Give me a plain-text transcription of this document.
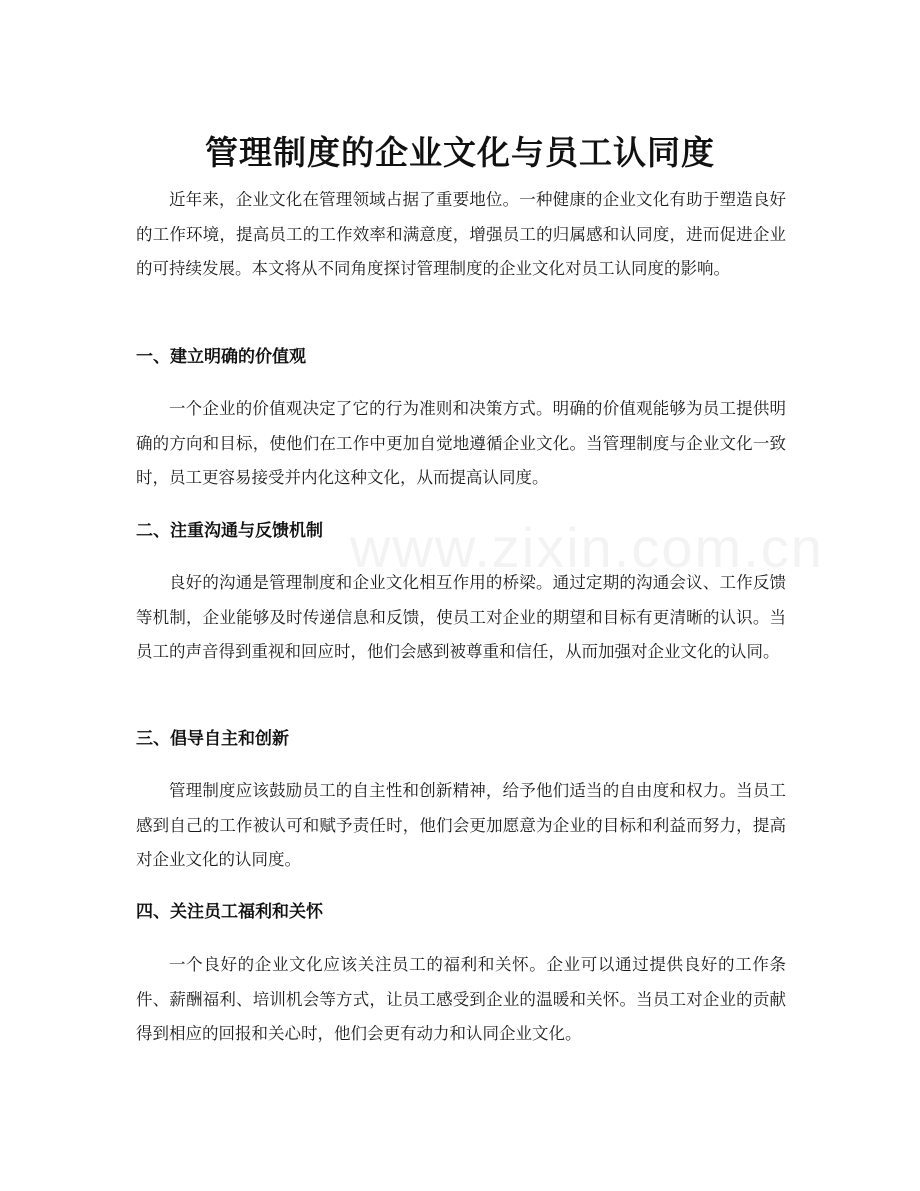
www.zixin.com.cn
管理制度的企业文化与员工认同度

近年来，企业文化在管理领域占据了重要地位。一种健康的企业文化有助于塑造良好的工作环境，提高员工的工作效率和满意度，增强员工的归属感和认同度，进而促进企业的可持续发展。本文将从不同角度探讨管理制度的企业文化对员工认同度的影响。

一、建立明确的价值观

一个企业的价值观决定了它的行为准则和决策方式。明确的价值观能够为员工提供明确的方向和目标，使他们在工作中更加自觉地遵循企业文化。当管理制度与企业文化一致时，员工更容易接受并内化这种文化，从而提高认同度。

二、注重沟通与反馈机制

良好的沟通是管理制度和企业文化相互作用的桥梁。通过定期的沟通会议、工作反馈等机制，企业能够及时传递信息和反馈，使员工对企业的期望和目标有更清晰的认识。当员工的声音得到重视和回应时，他们会感到被尊重和信任，从而加强对企业文化的认同。

三、倡导自主和创新

管理制度应该鼓励员工的自主性和创新精神，给予他们适当的自由度和权力。当员工感到自己的工作被认可和赋予责任时，他们会更加愿意为企业的目标和利益而努力，提高对企业文化的认同度。

四、关注员工福利和关怀

一个良好的企业文化应该关注员工的福利和关怀。企业可以通过提供良好的工作条件、薪酬福利、培训机会等方式，让员工感受到企业的温暖和关怀。当员工对企业的贡献得到相应的回报和关心时，他们会更有动力和认同企业文化。
